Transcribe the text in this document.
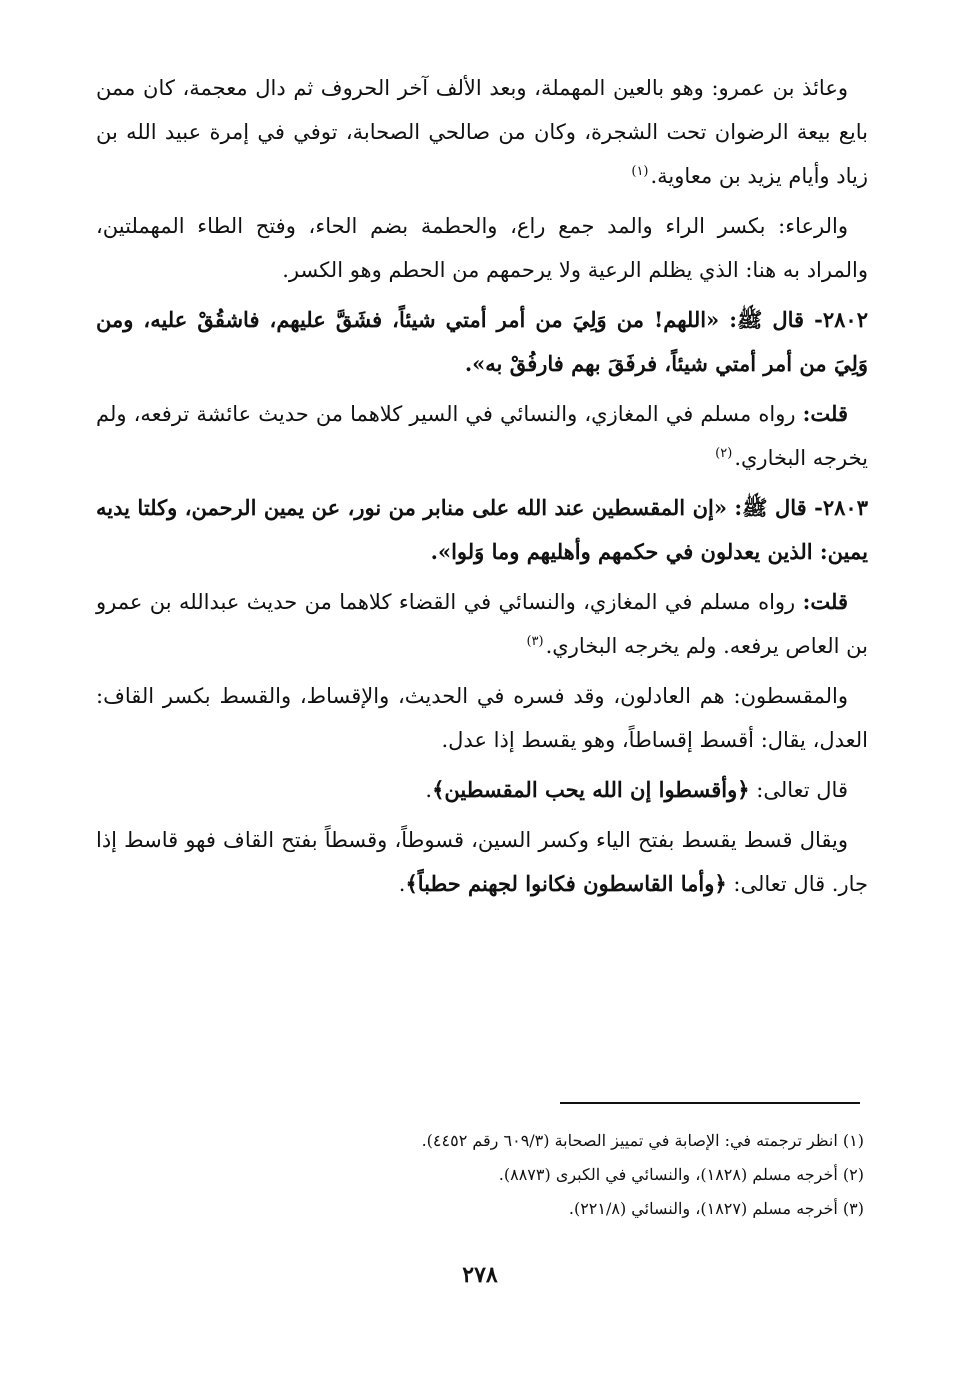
وعائذ بن عمرو: وهو بالعين المهملة، وبعد الألف آخر الحروف ثم دال معجمة، كان ممن بايع بيعة الرضوان تحت الشجرة، وكان من صالحي الصحابة، توفي في إمرة عبيد الله بن زياد وأيام يزيد بن معاوية.$^{(١)}$

والرعاء: بكسر الراء والمد جمع راع، والحطمة بضم الحاء، وفتح الطاء المهملتين، والمراد به هنا: الذي يظلم الرعية ولا يرحمهم من الحطم وهو الكسر.

٢٨٠٢- قال ﷺ: «اللهم! من وَلِيَ من أمر أمتي شيئاً، فشَقَّ عليهم، فاشقُقْ عليه، ومن وَلِيَ من أمر أمتي شيئاً، فرفَقَ بهم فارفُقْ به».

قلت: رواه مسلم في المغازي، والنسائي في السير كلاهما من حديث عائشة ترفعه، ولم يخرجه البخاري.$^{(٢)}$

٢٨٠٣- قال ﷺ: «إن المقسطين عند الله على منابر من نور، عن يمين الرحمن، وكلتا يديه يمين: الذين يعدلون في حكمهم وأهليهم وما وَلوا».

قلت: رواه مسلم في المغازي، والنسائي في القضاء كلاهما من حديث عبدالله بن عمرو بن العاص يرفعه. ولم يخرجه البخاري.$^{(٣)}$

والمقسطون: هم العادلون، وقد فسره في الحديث، والإقساط، والقسط بكسر القاف: العدل، يقال: أقسط إقساطاً، وهو يقسط إذا عدل.

قال تعالى: ﴿وأقسطوا إن الله يحب المقسطين﴾.

ويقال قسط يقسط بفتح الياء وكسر السين، قسوطاً، وقسطاً بفتح القاف فهو قاسط إذا جار. قال تعالى: ﴿وأما القاسطون فكانوا لجهنم حطباً﴾.

(١) انظر ترجمته في: الإصابة في تمييز الصحابة (٦٠٩/٣ رقم ٤٤٥٢).

(٢) أخرجه مسلم (١٨٢٨)، والنسائي في الكبرى (٨٨٧٣).

(٣) أخرجه مسلم (١٨٢٧)، والنسائي (٢٢١/٨).

٢٧٨
